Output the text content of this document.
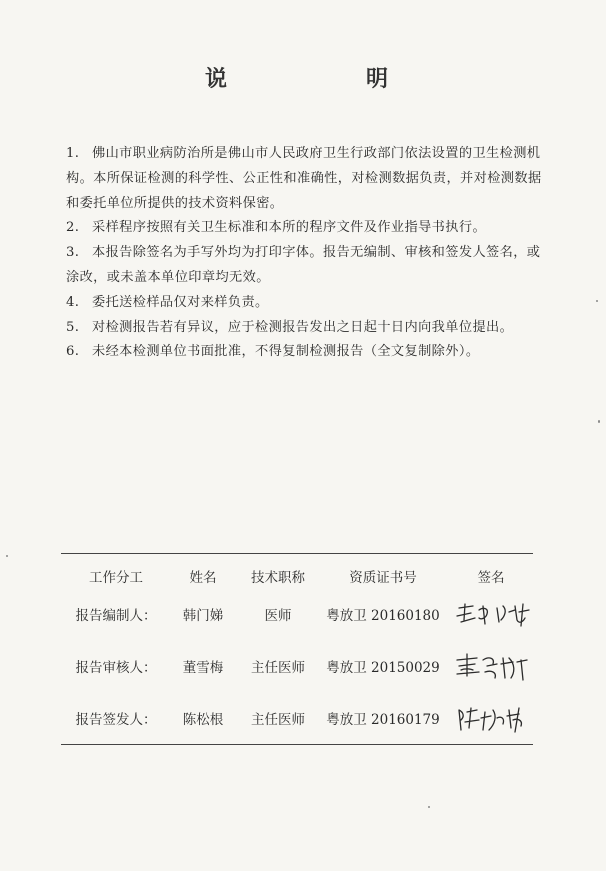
说	明
1. 佛山市职业病防治所是佛山市人民政府卫生行政部门依法设置的卫生检测机构。本所保证检测的科学性、公正性和准确性，对检测数据负责，并对检测数据和委托单位所提供的技术资料保密。
2. 采样程序按照有关卫生标准和本所的程序文件及作业指导书执行。
3. 本报告除签名为手写外均为打印字体。报告无编制、审核和签发人签名，或涂改，或未盖本单位印章均无效。
4. 委托送检样品仅对来样负责。
5. 对检测报告若有异议，应于检测报告发出之日起十日内向我单位提出。
6. 未经本检测单位书面批准，不得复制检测报告（全文复制除外）。
工作分工	姓名	技术职称	资质证书号	签名
报告编制人：	韩门娣	医师	粤放卫 20160180
报告审核人：	董雪梅	主任医师	粤放卫 20150029
报告签发人：	陈松根	主任医师	粤放卫 20160179
